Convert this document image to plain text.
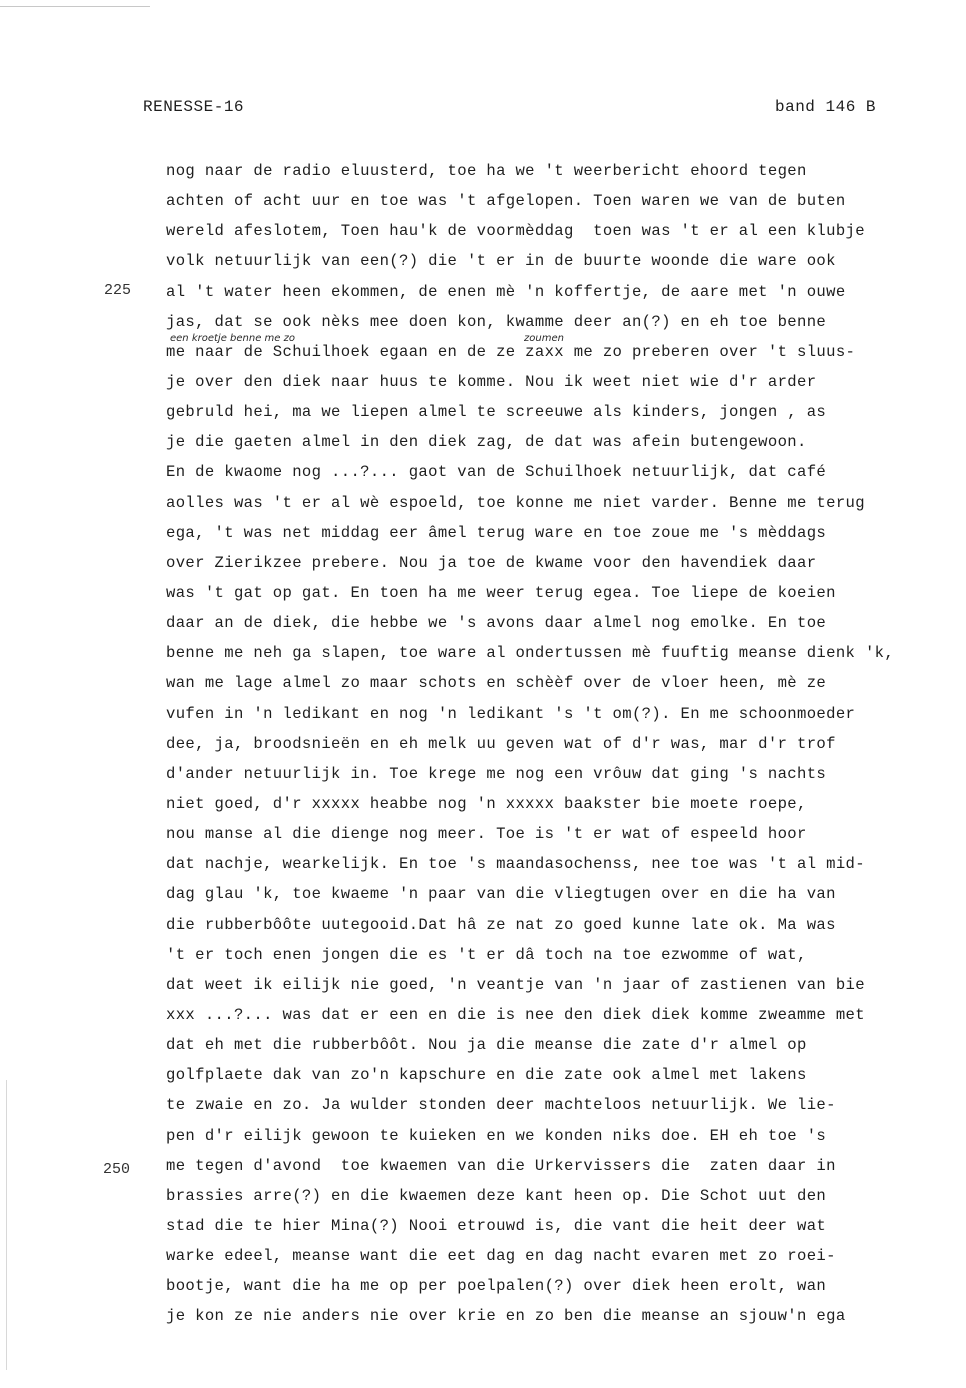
RENESSE-16	band 146 B
225
250
een kroetje benne me zo	zoumen
nog naar de radio eluusterd, toe ha we 't weerbericht ehoord tegen
achten of acht uur en toe was 't afgelopen. Toen waren we van de buten
wereld afeslotem, Toen hau'k de voormèddag  toen was 't er al een klubje
volk netuurlijk van een(?) die 't er in de buurte woonde die ware ook
al 't water heen ekommen, de enen mè 'n koffertje, de aare met 'n ouwe
jas, dat se ook nèks mee doen kon, kwamme deer an(?) en eh toe benne
me naar de Schuilhoek egaan en de ze zaxx me zo preberen over 't sluus-
je over den diek naar huus te komme. Nou ik weet niet wie d'r arder
gebruld hei, ma we liepen almel te screeuwe als kinders, jongen , as
je die gaeten almel in den diek zag, de dat was afein butengewoon.
En de kwaome nog ...?... gaot van de Schuilhoek netuurlijk, dat café
aolles was 't er al wè espoeld, toe konne me niet varder. Benne me terug
ega, 't was net middag eer âmel terug ware en toe zoue me 's mèddags
over Zierikzee prebere. Nou ja toe de kwame voor den havendiek daar
was 't gat op gat. En toen ha me weer terug egea. Toe liepe de koeien
daar an de diek, die hebbe we 's avons daar almel nog emolke. En toe
benne me neh ga slapen, toe ware al ondertussen mè fuuftig meanse dienk 'k,
wan me lage almel zo maar schots en schèèf over de vloer heen, mè ze
vufen in 'n ledikant en nog 'n ledikant 's 't om(?). En me schoonmoeder
dee, ja, broodsnieën en eh melk uu geven wat of d'r was, mar d'r trof
d'ander netuurlijk in. Toe krege me nog een vrôuw dat ging 's nachts
niet goed, d'r xxxxx heabbe nog 'n xxxxx baakster bie moete roepe,
nou manse al die dienge nog meer. Toe is 't er wat of espeeld hoor
dat nachje, wearkelijk. En toe 's maandasochenss, nee toe was 't al mid-
dag glau 'k, toe kwaeme 'n paar van die vliegtugen over en die ha van
die rubberbôôte uutegooid.Dat hâ ze nat zo goed kunne late ok. Ma was
't er toch enen jongen die es 't er dâ toch na toe ezwomme of wat,
dat weet ik eilijk nie goed, 'n veantje van 'n jaar of zastienen van bie
xxx ...?... was dat er een en die is nee den diek diek komme zweamme met
dat eh met die rubberbôôt. Nou ja die meanse die zate d'r almel op
golfplaete dak van zo'n kapschure en die zate ook almel met lakens
te zwaie en zo. Ja wulder stonden deer machteloos netuurlijk. We lie-
pen d'r eilijk gewoon te kuieken en we konden niks doe. EH eh toe 's
me tegen d'avond  toe kwaemen van die Urkervissers die  zaten daar in
brassies arre(?) en die kwaemen deze kant heen op. Die Schot uut den
stad die te hier Mina(?) Nooi etrouwd is, die vant die heit deer wat
warke edeel, meanse want die eet dag en dag nacht evaren met zo roei-
bootje, want die ha me op per poelpalen(?) over diek heen erolt, wan
je kon ze nie anders nie over krie en zo ben die meanse an sjouw'n ega
